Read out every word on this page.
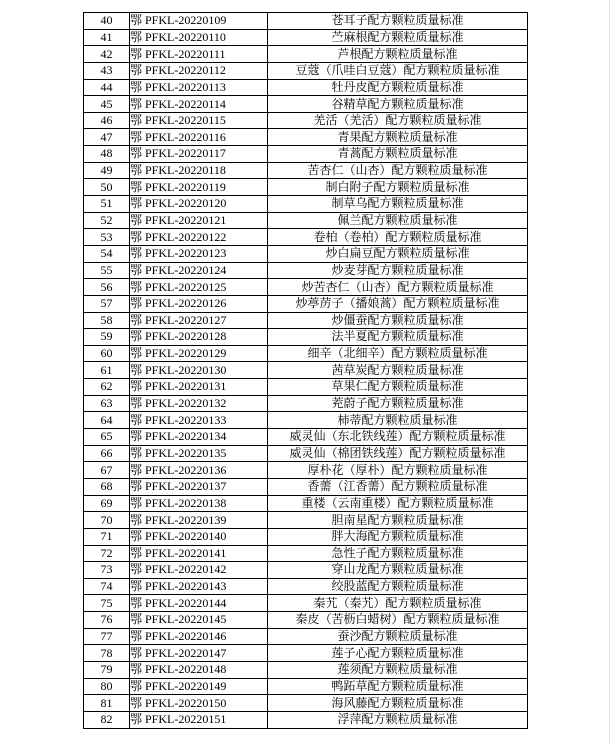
40	鄂 PFKL-20220109	苍耳子配方颗粒质量标准
41	鄂 PFKL-20220110	苎麻根配方颗粒质量标准
42	鄂 PFKL-20220111	芦根配方颗粒质量标准
43	鄂 PFKL-20220112	豆蔻（爪哇白豆蔻）配方颗粒质量标准
44	鄂 PFKL-20220113	牡丹皮配方颗粒质量标准
45	鄂 PFKL-20220114	谷精草配方颗粒质量标准
46	鄂 PFKL-20220115	羌活（羌活）配方颗粒质量标准
47	鄂 PFKL-20220116	青果配方颗粒质量标准
48	鄂 PFKL-20220117	青蒿配方颗粒质量标准
49	鄂 PFKL-20220118	苦杏仁（山杏）配方颗粒质量标准
50	鄂 PFKL-20220119	制白附子配方颗粒质量标准
51	鄂 PFKL-20220120	制草乌配方颗粒质量标准
52	鄂 PFKL-20220121	佩兰配方颗粒质量标准
53	鄂 PFKL-20220122	卷柏（卷柏）配方颗粒质量标准
54	鄂 PFKL-20220123	炒白扁豆配方颗粒质量标准
55	鄂 PFKL-20220124	炒麦芽配方颗粒质量标准
56	鄂 PFKL-20220125	炒苦杏仁（山杏）配方颗粒质量标准
57	鄂 PFKL-20220126	炒葶苈子（播娘蒿）配方颗粒质量标准
58	鄂 PFKL-20220127	炒僵蚕配方颗粒质量标准
59	鄂 PFKL-20220128	法半夏配方颗粒质量标准
60	鄂 PFKL-20220129	细辛（北细辛）配方颗粒质量标准
61	鄂 PFKL-20220130	茜草炭配方颗粒质量标准
62	鄂 PFKL-20220131	草果仁配方颗粒质量标准
63	鄂 PFKL-20220132	茺蔚子配方颗粒质量标准
64	鄂 PFKL-20220133	柿蒂配方颗粒质量标准
65	鄂 PFKL-20220134	威灵仙（东北铁线莲）配方颗粒质量标准
66	鄂 PFKL-20220135	威灵仙（棉团铁线莲）配方颗粒质量标准
67	鄂 PFKL-20220136	厚朴花（厚朴）配方颗粒质量标准
68	鄂 PFKL-20220137	香薷（江香薷）配方颗粒质量标准
69	鄂 PFKL-20220138	重楼（云南重楼）配方颗粒质量标准
70	鄂 PFKL-20220139	胆南星配方颗粒质量标准
71	鄂 PFKL-20220140	胖大海配方颗粒质量标准
72	鄂 PFKL-20220141	急性子配方颗粒质量标准
73	鄂 PFKL-20220142	穿山龙配方颗粒质量标准
74	鄂 PFKL-20220143	绞股蓝配方颗粒质量标准
75	鄂 PFKL-20220144	秦艽（秦艽）配方颗粒质量标准
76	鄂 PFKL-20220145	秦皮（苦枥白蜡树）配方颗粒质量标准
77	鄂 PFKL-20220146	蚕沙配方颗粒质量标准
78	鄂 PFKL-20220147	莲子心配方颗粒质量标准
79	鄂 PFKL-20220148	莲须配方颗粒质量标准
80	鄂 PFKL-20220149	鸭跖草配方颗粒质量标准
81	鄂 PFKL-20220150	海风藤配方颗粒质量标准
82	鄂 PFKL-20220151	浮萍配方颗粒质量标准
